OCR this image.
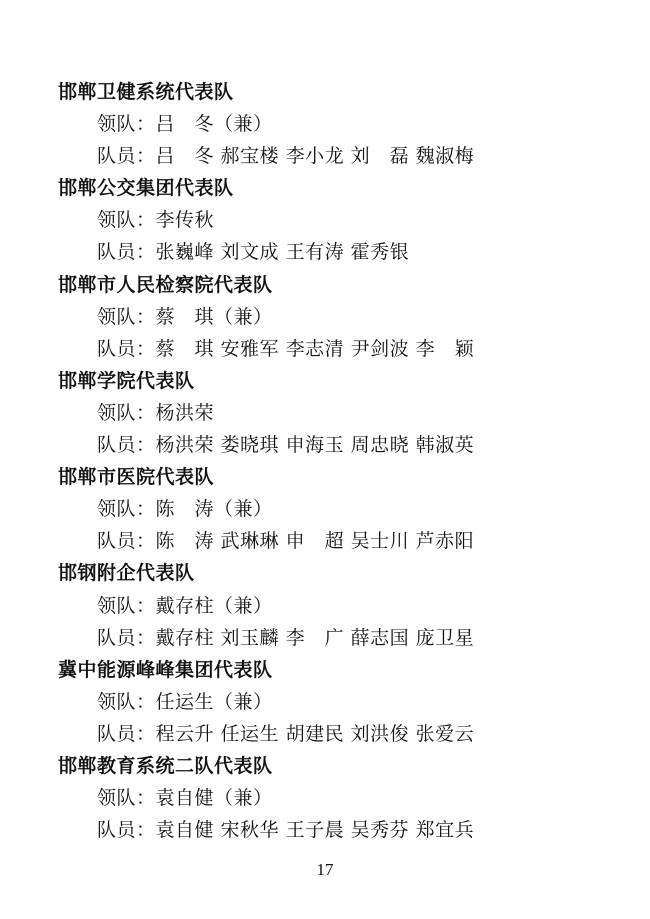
邯郸卫健系统代表队
领队：吕　冬（兼）
队员：吕　冬 郝宝楼 李小龙 刘　磊 魏淑梅
邯郸公交集团代表队
领队：李传秋
队员：张巍峰 刘文成 王有涛 霍秀银
邯郸市人民检察院代表队
领队：蔡　琪（兼）
队员：蔡　琪 安雅军 李志清 尹剑波 李　颖
邯郸学院代表队
领队：杨洪荣
队员：杨洪荣 娄晓琪 申海玉 周忠晓 韩淑英
邯郸市医院代表队
领队：陈　涛（兼）
队员：陈　涛 武琳琳 申　超 吴士川 芦赤阳
邯钢附企代表队
领队：戴存柱（兼）
队员：戴存柱 刘玉麟 李　广 薛志国 庞卫星
冀中能源峰峰集团代表队
领队：任运生（兼）
队员：程云升 任运生 胡建民 刘洪俊 张爱云
邯郸教育系统二队代表队
领队：袁自健（兼）
队员：袁自健 宋秋华 王子晨 吴秀芬 郑宜兵
17
